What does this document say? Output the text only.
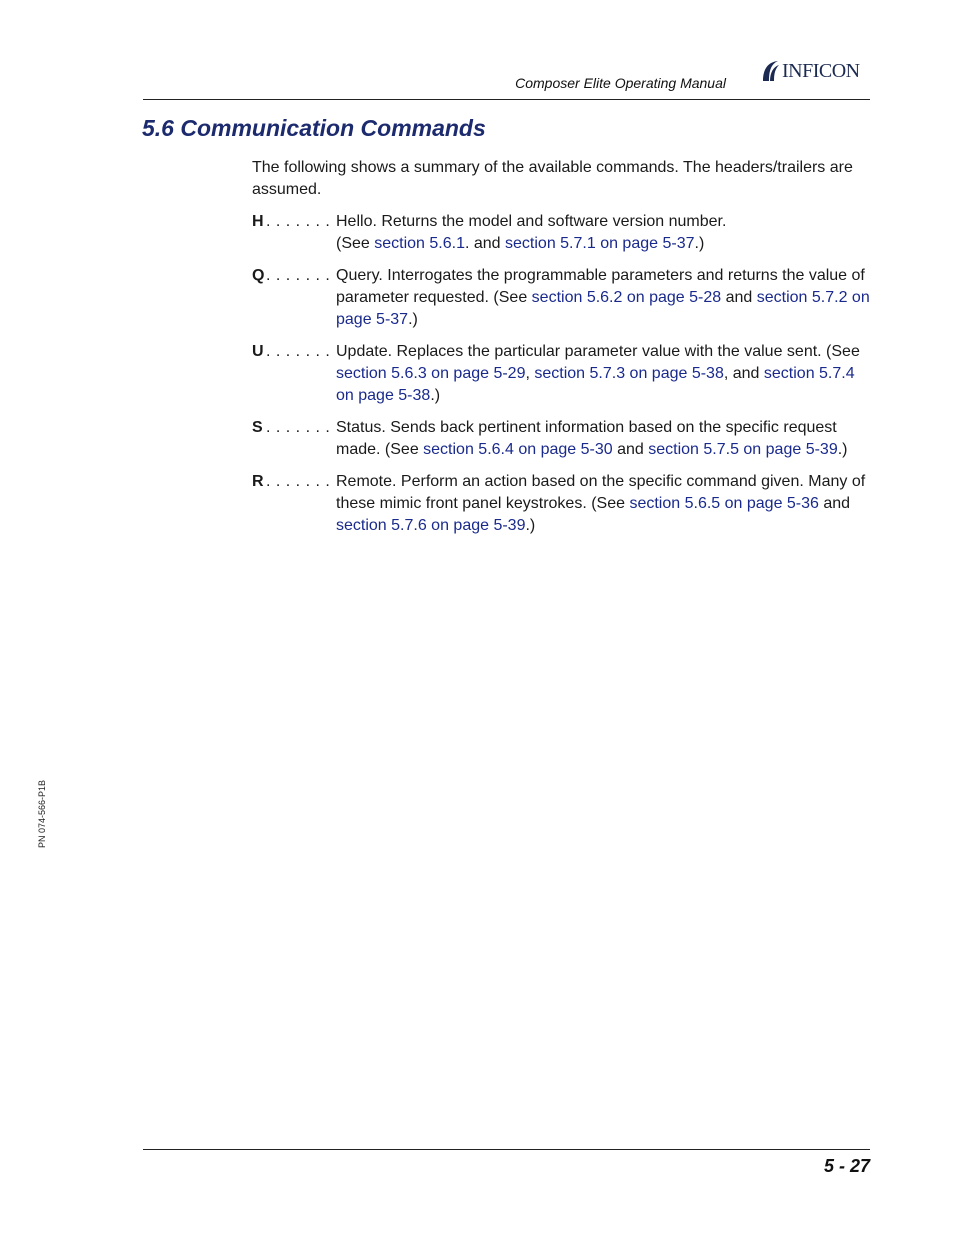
Composer Elite Operating Manual
INFICON
5.6 Communication Commands

The following shows a summary of the available commands. The headers/trailers are assumed.

H . . . . . . . Hello. Returns the model and software version number.
(See section 5.6.1. and section 5.7.1 on page 5-37.)
Q . . . . . . . Query. Interrogates the programmable parameters and returns the value of parameter requested. (See section 5.6.2 on page 5-28 and section 5.7.2 on page 5-37.)
U . . . . . . . Update. Replaces the particular parameter value with the value sent. (See section 5.6.3 on page 5-29, section 5.7.3 on page 5-38, and section 5.7.4 on page 5-38.)
S . . . . . . . Status. Sends back pertinent information based on the specific request made. (See section 5.6.4 on page 5-30 and section 5.7.5 on page 5-39.)
R . . . . . . . Remote. Perform an action based on the specific command given. Many of these mimic front panel keystrokes. (See section 5.6.5 on page 5-36 and section 5.7.6 on page 5-39.)
PN 074-566-P1B
5 - 27
